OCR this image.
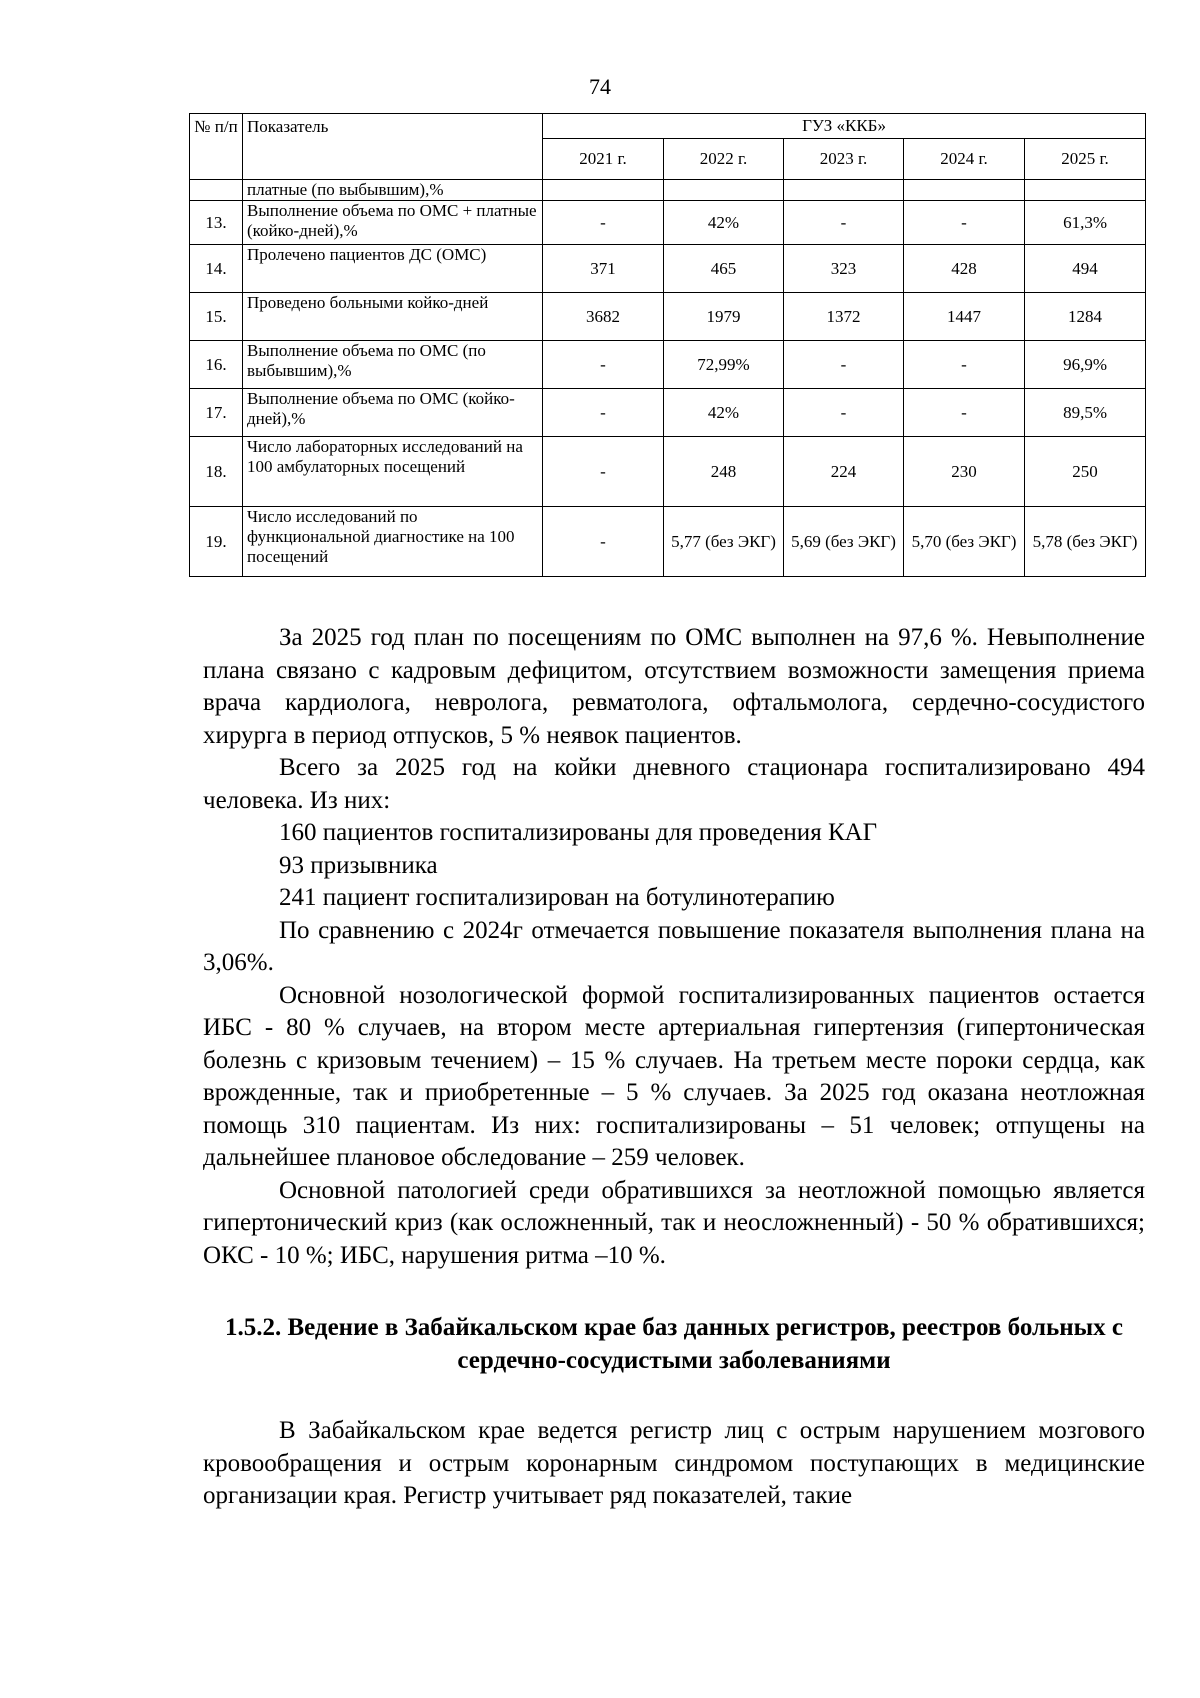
74
№ п/п	Показатель	ГУЗ «ККБ»				
		2021 г.	2022 г.	2023 г.	2024 г.	2025 г.
	платные (по выбывшим),%					
13.	Выполнение объема по ОМС + платные (койко-дней),%	-	42%	-	-	61,3%
14.	Пролечено пациентов ДС (ОМС)	371	465	323	428	494
15.	Проведено больными койко-дней	3682	1979	1372	1447	1284
16.	Выполнение объема по ОМС (по выбывшим),%	-	72,99%	-	-	96,9%
17.	Выполнение объема по ОМС (койко-дней),%	-	42%	-	-	89,5%
18.	Число лабораторных исследований на 100 амбулаторных посещений	-	248	224	230	250
19.	Число исследований по функциональной диагностике на 100 посещений	-	5,77 (без ЭКГ)	5,69 (без ЭКГ)	5,70 (без ЭКГ)	5,78 (без ЭКГ)

За 2025 год план по посещениям по ОМС выполнен на 97,6 %. Невыполнение плана связано с кадровым дефицитом, отсутствием возможности замещения приема врача кардиолога, невролога, ревматолога, офтальмолога, сердечно-сосудистого хирурга в период отпусков, 5 % неявок пациентов.

Всего за 2025 год на койки дневного стационара госпитализировано 494 человека. Из них:

160 пациентов госпитализированы для проведения КАГ

93 призывника

241 пациент госпитализирован на ботулинотерапию

По сравнению с 2024г отмечается повышение показателя выполнения плана на 3,06%.

Основной нозологической формой госпитализированных пациентов остается ИБС - 80 % случаев, на втором месте артериальная гипертензия (гипертоническая болезнь с кризовым течением) – 15 % случаев. На третьем месте пороки сердца, как врожденные, так и приобретенные – 5 % случаев. За 2025 год оказана неотложная помощь 310 пациентам. Из них: госпитализированы – 51 человек; отпущены на дальнейшее плановое обследование – 259 человек.

Основной патологией среди обратившихся за неотложной помощью является гипертонический криз (как осложненный, так и неосложненный) - 50 % обратившихся; ОКС - 10 %; ИБС, нарушения ритма –10 %.

1.5.2. Ведение в Забайкальском крае баз данных регистров, реестров больных с сердечно-сосудистыми заболеваниями

В Забайкальском крае ведется регистр лиц с острым нарушением мозгового кровообращения и острым коронарным синдромом поступающих в медицинские организации края. Регистр учитывает ряд показателей, такие
